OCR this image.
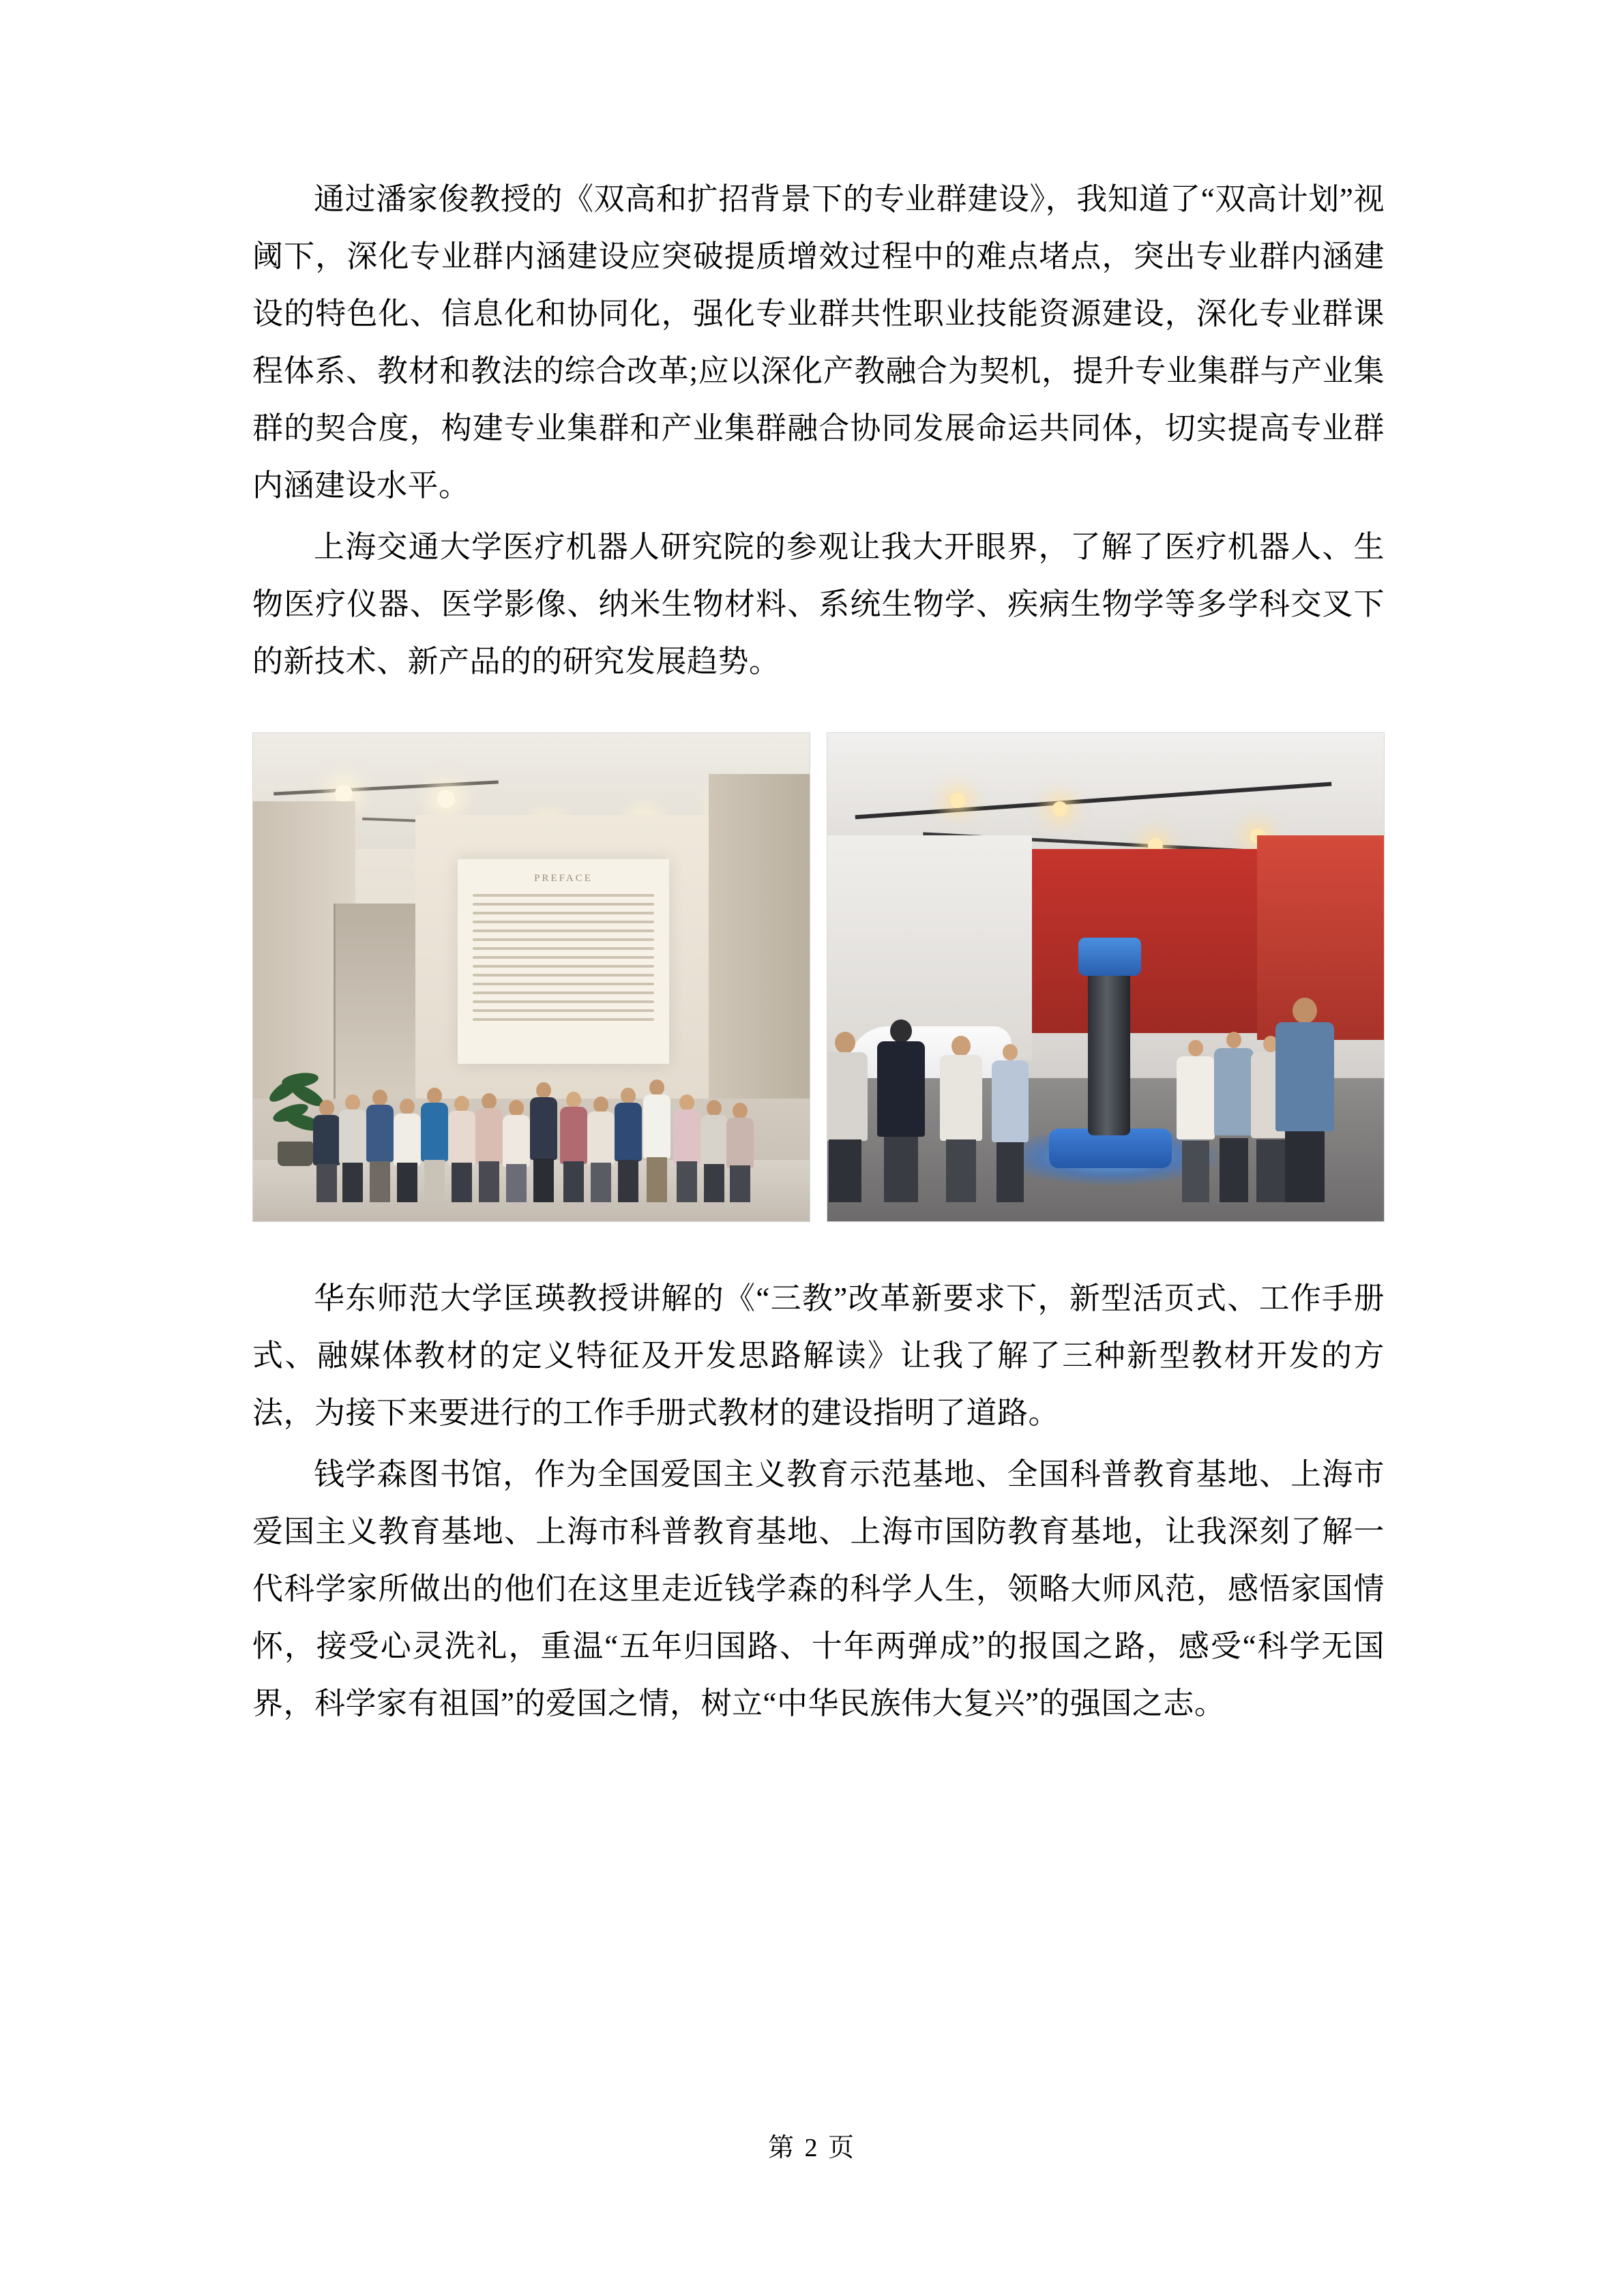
通过潘家俊教授的《双高和扩招背景下的专业群建设》，我知道了“双高计划”视阈下，深化专业群内涵建设应突破提质增效过程中的难点堵点，突出专业群内涵建设的特色化、信息化和协同化，强化专业群共性职业技能资源建设，深化专业群课程体系、教材和教法的综合改革;应以深化产教融合为契机，提升专业集群与产业集群的契合度，构建专业集群和产业集群融合协同发展命运共同体，切实提高专业群内涵建设水平。

上海交通大学医疗机器人研究院的参观让我大开眼界，了解了医疗机器人、生物医疗仪器、医学影像、纳米生物材料、系统生物学、疾病生物学等多学科交叉下的新技术、新产品的的研究发展趋势。

PREFACE

华东师范大学匡瑛教授讲解的《“三教”改革新要求下，新型活页式、工作手册式、融媒体教材的定义特征及开发思路解读》让我了解了三种新型教材开发的方法，为接下来要进行的工作手册式教材的建设指明了道路。

钱学森图书馆，作为全国爱国主义教育示范基地、全国科普教育基地、上海市爱国主义教育基地、上海市科普教育基地、上海市国防教育基地，让我深刻了解一代科学家所做出的他们在这里走近钱学森的科学人生，领略大师风范，感悟家国情怀，接受心灵洗礼，重温“五年归国路、十年两弹成”的报国之路，感受“科学无国界，科学家有祖国”的爱国之情，树立“中华民族伟大复兴”的强国之志。

第 2 页
